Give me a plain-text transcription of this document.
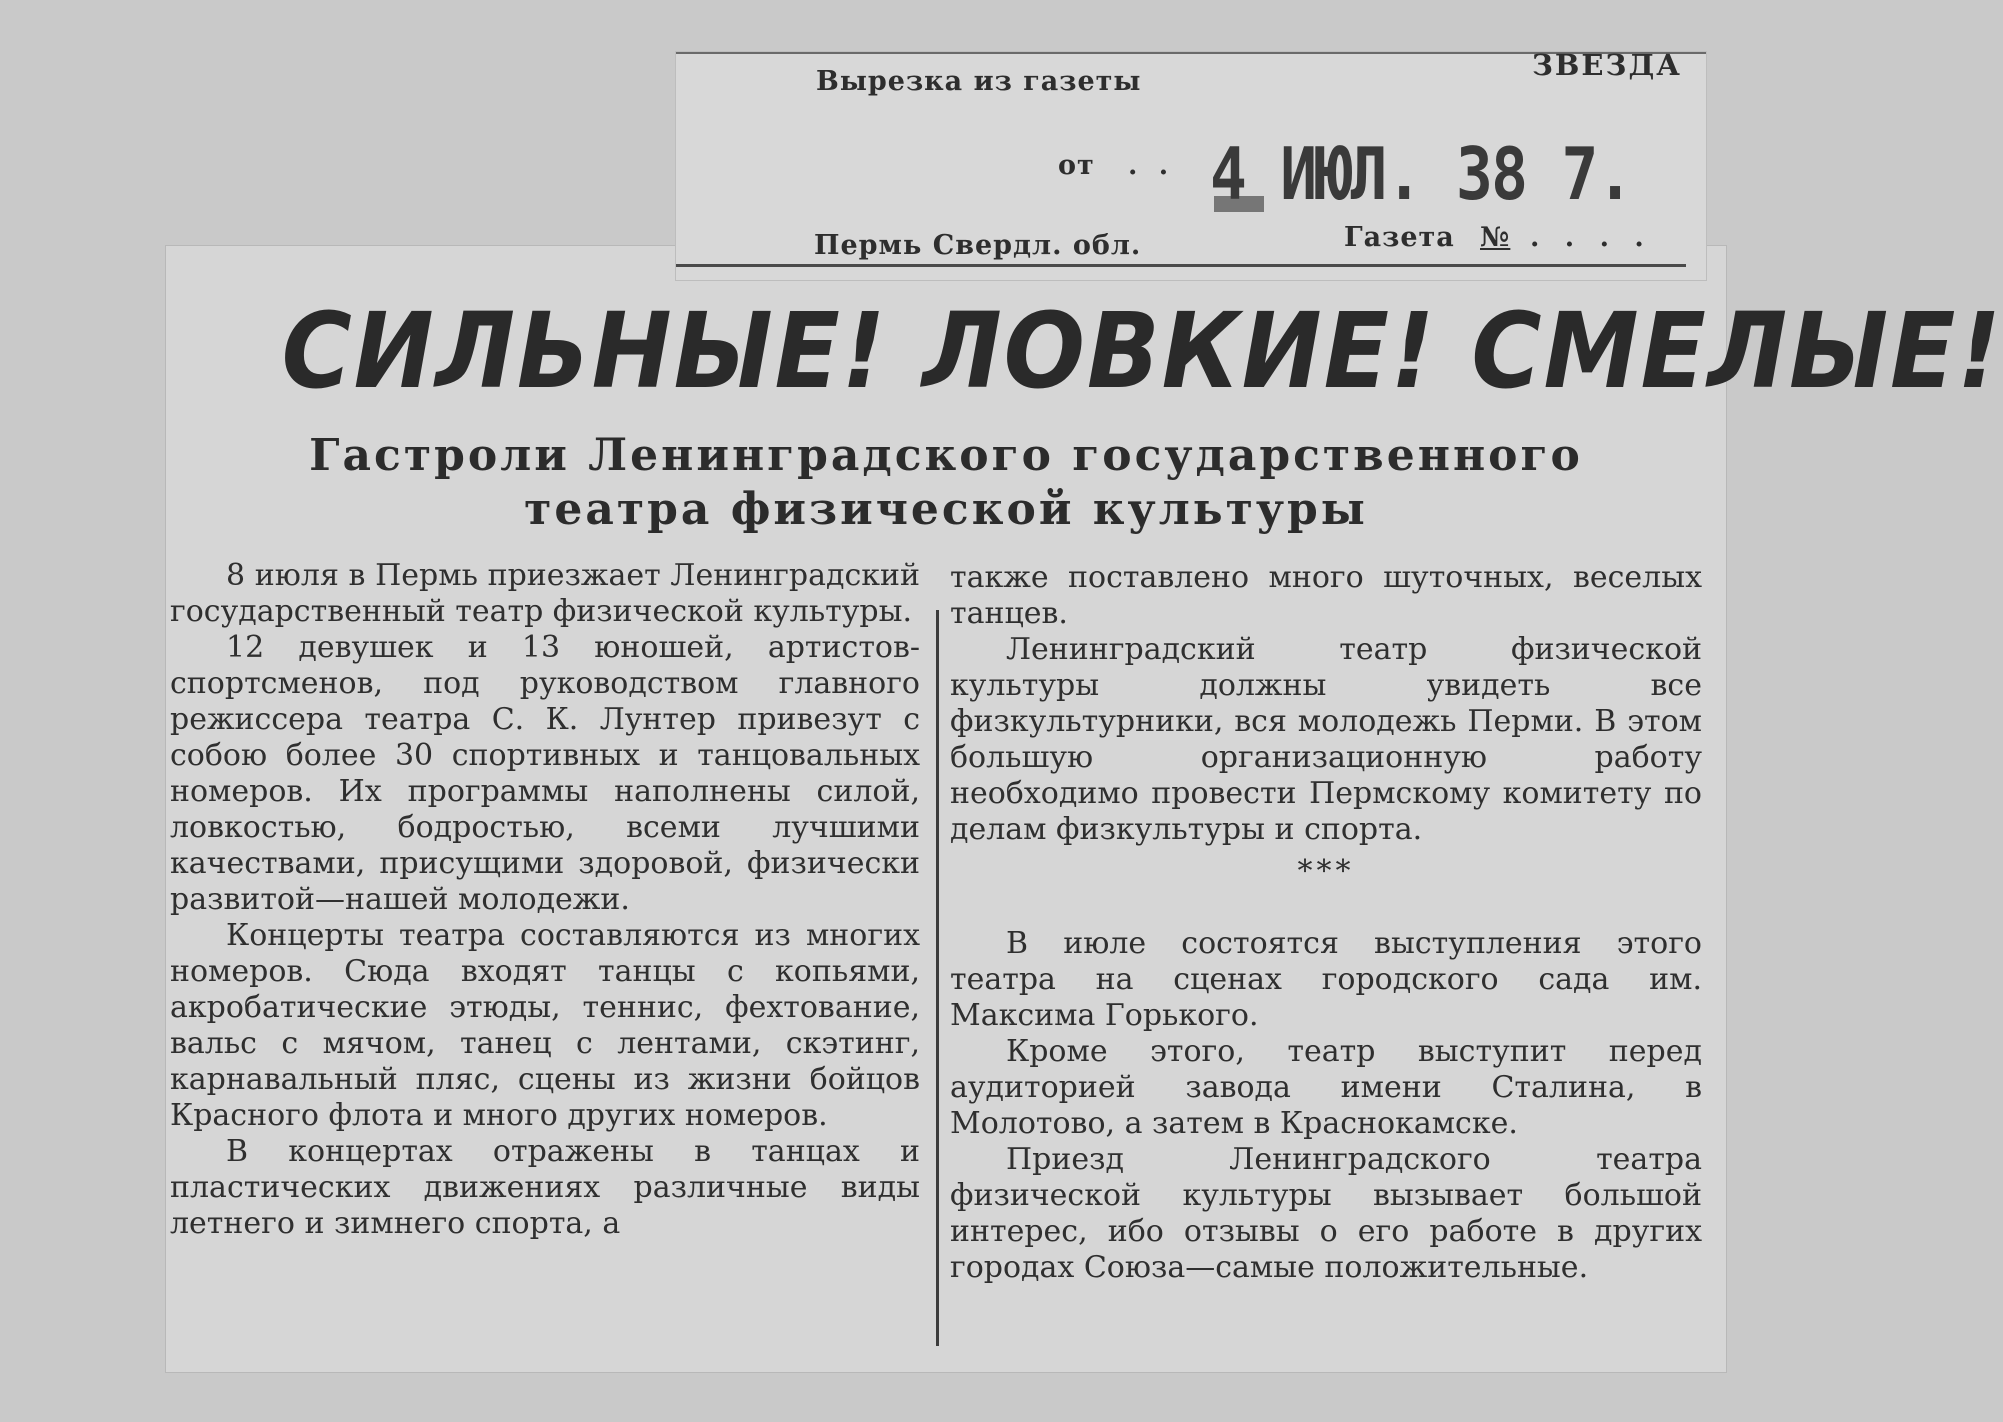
Вырезка из газеты	ЗВЕЗДА
от . . 4 ИЮЛ. 38 7.
Пермь Свердл. обл.	Газета № . . . .
СИЛЬНЫЕ! ЛОВКИЕ! СМЕЛЫЕ!
Гастроли Ленинградского государственного
театра физической культуры

8 июля в Пермь приезжает Ленинградский государственный театр физической культуры.

12 девушек и 13 юношей, артистов-спортсменов, под руководством главного режиссера театра С. К. Лунтер привезут с собою более 30 спортивных и танцовальных номеров. Их программы наполнены силой, ловкостью, бодростью, всеми лучшими качествами, присущими здоровой, физически развитой—нашей молодежи.

Концерты театра составляются из многих номеров. Сюда входят танцы с копьями, акробатические этюды, теннис, фехтование, вальс с мячом, танец с лентами, скэтинг, карнавальный пляс, сцены из жизни бойцов Красного флота и много других номеров.

В концертах отражены в танцах и пластических движениях различные виды летнего и зимнего спорта, а

также поставлено много шуточных, веселых танцев.

Ленинградский театр физической культуры должны увидеть все физкультурники, вся молодежь Перми. В этом большую организационную работу необходимо провести Пермскому комитету по делам физкультуры и спорта.

***

В июле состоятся выступления этого театра на сценах городского сада им. Максима Горького.

Кроме этого, театр выступит перед аудиторией завода имени Сталина, в Молотово, а затем в Краснокамске.

Приезд Ленинградского театра физической культуры вызывает большой интерес, ибо отзывы о его работе в других городах Союза—самые положительные.
